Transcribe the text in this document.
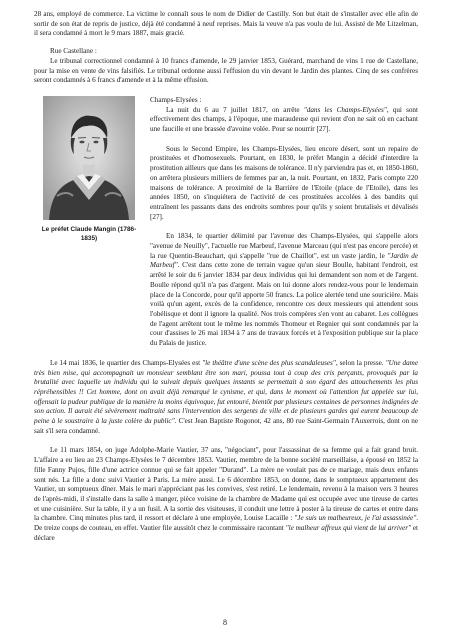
28 ans, employé de commerce. La victime le connaît sous le nom de Didier de Castilly. Son but était de s'installer avec elle afin de sortir de son état de repris de justice, déjà été condamné à neuf reprises. Mais la veuve n'a pas voulu de lui. Assisté de Me Litzelman, il sera condamné à mort le 9 mars 1887, mais gracié.

Rue Castellane :

Le tribunal correctionnel condamné à 10 francs d'amende, le 29 janvier 1853, Guérard, marchand de vins 1 rue de Castellane, pour la mise en vente de vins falsifiés. Le tribunal ordonne aussi l'effusion du vin devant le Jardin des plantes. Cinq de ses confrères seront condamnés à 6 francs d'amende et à la même effusion.

Le préfet Claude Mangin (1786-1835)

Champs-Elysées :

La nuit du 6 au 7 juillet 1817, on arrête "dans les Champs-Elysées", qui sont effectivement des champs, à l'époque, une maraudeuse qui revient d'on ne sait où en cachant une faucille et une brassée d'avoine volée. Pour se nourrir [27].

Sous le Second Empire, les Champs-Elysées, lieu encore désert, sont un repaire de prostituées et d'homosexuels. Pourtant, en 1830, le préfet Mangin a décidé d'interdire la prostitution ailleurs que dans les maisons de tolérance. Il n'y parviendra pas et, en 1850-1860, on arrêtera plusieurs milliers de femmes par an, la nuit. Pourtant, en 1832, Paris compte 220 maisons de tolérance. A proximité de la Barrière de l'Etoile (place de l'Etoile), dans les années 1850, on s'inquiétera de l'activité de ces prostituées accolées à des bandits qui entraînent les passants dans des endroits sombres pour qu'ils y soient brutalisés et dévalisés [27].

En 1834, le quartier délimité par l'avenue des Champs-Elysées, qui s'appelle alors "avenue de Neuilly", l'actuelle rue Marbeuf, l'avenue Marceau (qui n'est pas encore percée) et la rue Quentin-Beauchart, qui s'appelle "rue de Chaillot", est un vaste jardin, le "Jardin de Marbeuf". C'est dans cette zone de terrain vague qu'un sieur Boulle, habitant l'endroit, est arrêté le soir du 6 janvier 1834 par deux individus qui lui demandent son nom et de l'argent. Boulle répond qu'il n'a pas d'argent. Mais on lui donne alors rendez-vous pour le lendemain place de la Concorde, pour qu'il apporte 50 francs. La police alertée tend une souricière. Mais voilà qu'un agent, excès de la confidence, rencontre ces deux messieurs qui attendent sous l'obélisque et dont il ignore la qualité. Nos trois compères s'en vont au cabaret. Les collègues de l'agent arrêtent tout le même les nommés Thomeur et Regnier qui sont condamnés par la cour d'assises le 26 mai 1834 à 7 ans de travaux forcés et à l'exposition publique sur la place du Palais de justice.

Le 14 mai 1836, le quartier des Champs-Elysées est "le théâtre d'une scène des plus scandaleuses", selon la presse. "Une dame très bien mise, qui accompagnait un monsieur semblant être son mari, poussa tout à coup des cris perçants, provoqués par la brutalité avec laquelle un individu qui la suivait depuis quelques instants se permettait à son égard des attouchements les plus répréhensibles !! Cet homme, dont on avait déjà remarqué le cynisme, et qui, dans le moment où l'attention fut appelée sur lui, offensait la pudeur publique de la manière la moins équivoque, fut entouré, bientôt par plusieurs centaines de personnes indignées de son action. Il aurait été sévèrement maltraité sans l'intervention des sergents de ville et de plusieurs gardes qui eurent beaucoup de peine à le soustraire à la juste colère du public". C'est Jean Baptiste Rogonot, 42 ans, 80 rue Saint-Germain l'Auxerrois, dont on ne sait s'il sera condamné.

Le 11 mars 1854, on juge Adolphe-Marie Vautier, 37 ans, "négociant", pour l'assassinat de sa femme qui a fait grand bruit. L'affaire a eu lieu au 23 Champs-Elysées le 7 décembre 1853. Vautier, membre de la bonne société marseillaise, a épousé en 1852 la fille Fanny Pujos, fille d'une actrice connue qui se fait appeler "Durand". La mère ne voulait pas de ce mariage, mais deux enfants sont nés. La fille a donc suivi Vautier à Paris. La mère aussi. Le 6 décembre 1853, on donne, dans le somptueux appartement des Vautier, un somptueux dîner. Mais le mari n'appréciant pas les convives, s'est retiré. Le lendemain, revenu à la maison vers 3 heures de l'après-midi, il s'installe dans la salle à manger, pièce voisine de la chambre de Madame qui est occupée avec une tireuse de cartes et une cuisinière. Sur la table, il y a un fusil. A la sortie des visiteuses, il conduit une lettre à poster à la tireuse de cartes et entre dans la chambre. Cinq minutes plus tard, il ressort et déclare à une employée, Louise Lacaille : "Je suis un malheureux, je l'ai assassinée". De treize coups de couteau, en effet. Vautier file aussitôt chez le commissaire racontant "le malheur affreux qui vient de lui arriver" et déclare

8
